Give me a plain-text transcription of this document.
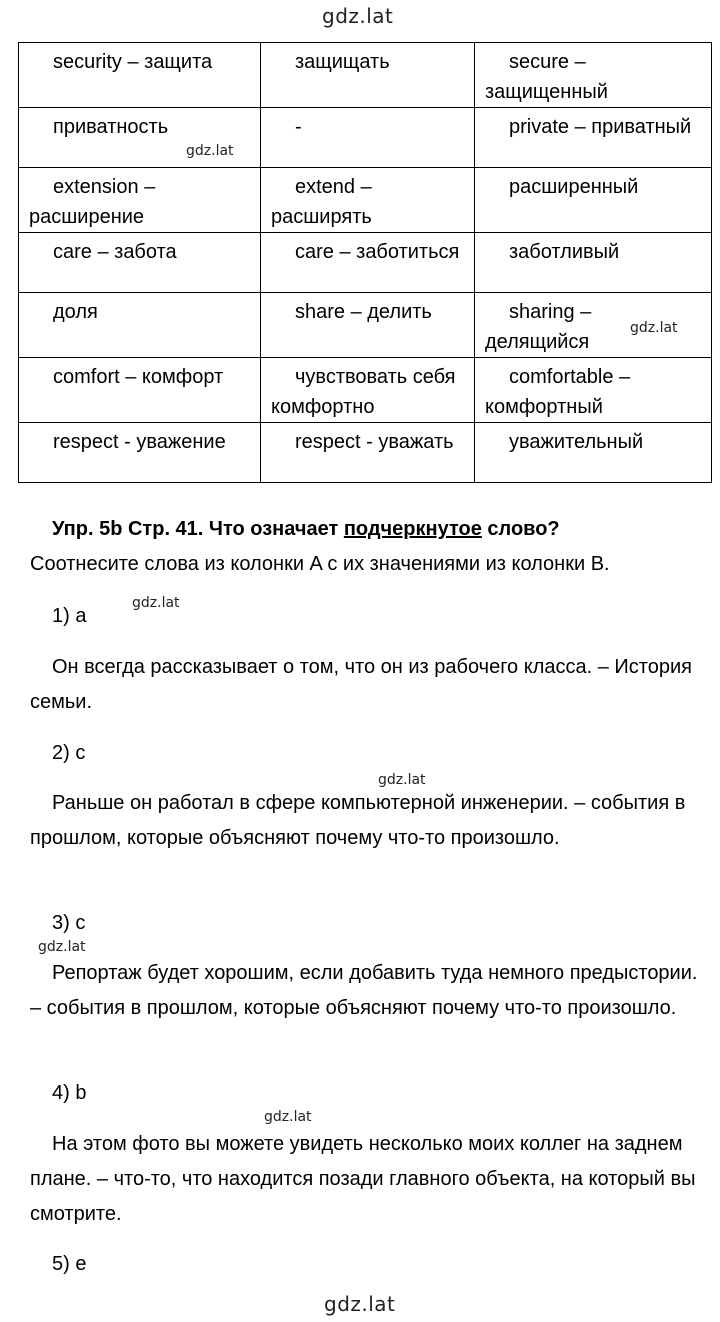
gdz.lat
gdz.lat
gdz.lat
gdz.lat
gdz.lat
gdz.lat
gdz.lat
gdz.lat
security – защита	защищать	secure – защищенный
приватность	-	private – приватный
extension – расширение	extend – расширять	расширенный
care – забота	care – заботиться	заботливый
доля	share – делить	sharing – делящийся
comfort – комфорт	чувствовать себя комфортно	comfortable – комфортный
respect - уважение	respect - уважать	уважительный
Упр. 5b Стр. 41. Что означает подчеркнутое слово?
Соотнесите слова из колонки A с их значениями из колонки B.
1) a

Он всегда рассказывает о том, что он из рабочего класса. – История семьи.

2) c

Раньше он работал в сфере компьютерной инженерии. – события в прошлом, которые объясняют почему что-то произошло.

3) c

Репортаж будет хорошим, если добавить туда немного предыстории. – события в прошлом, которые объясняют почему что-то произошло.

4) b

На этом фото вы можете увидеть несколько моих коллег на заднем плане. – что-то, что находится позади главного объекта, на который вы смотрите.

5) e
